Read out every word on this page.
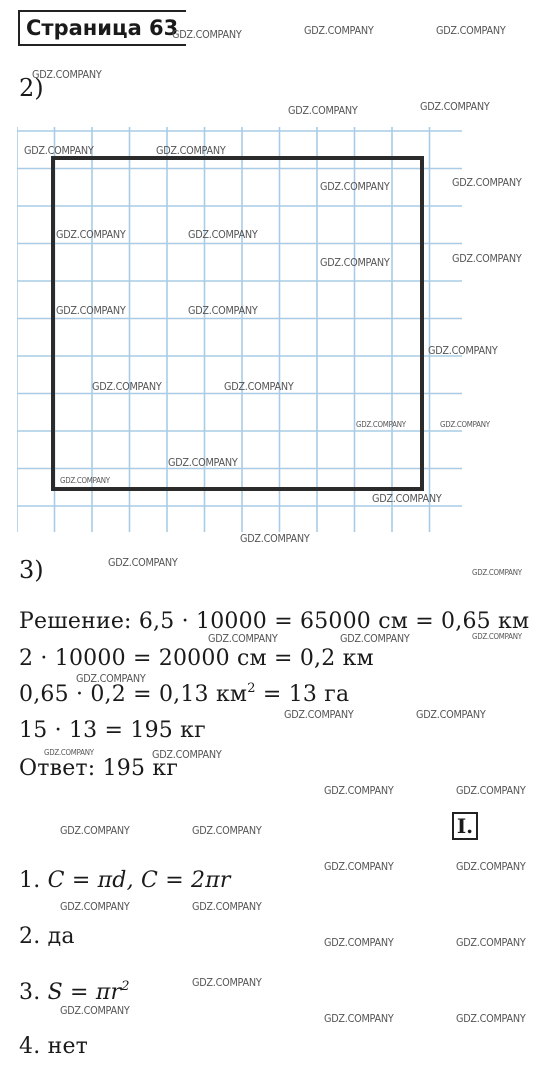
Страница 63
2)
3)
Решение: 6,5 · 10000 = 65000 см = 0,65 км
2 · 10000 = 20000 см = 0,2 км
0,65 · 0,2 = 0,13 $км^2 = 13$ га
15 · 13 = 195 кг
Ответ: 195 кг
I.
1. C = πd, C = 2πr
2. да
3. $S = \pi r^2$
4. нет
GDZ.COMPANY	GDZ.COMPANY	GDZ.COMPANY
GDZ.COMPANY
GDZ.COMPANY	GDZ.COMPANY
GDZ.COMPANY	GDZ.COMPANY
GDZ.COMPANY	GDZ.COMPANY
GDZ.COMPANY	GDZ.COMPANY
GDZ.COMPANY	GDZ.COMPANY
GDZ.COMPANY	GDZ.COMPANY
GDZ.COMPANY
GDZ.COMPANY	GDZ.COMPANY
GDZ.COMPANY	GDZ.COMPANY
GDZ.COMPANY
GDZ.COMPANY
GDZ.COMPANY
GDZ.COMPANY
GDZ.COMPANY
GDZ.COMPANY
GDZ.COMPANY	GDZ.COMPANY	GDZ.COMPANY
GDZ.COMPANY
GDZ.COMPANY	GDZ.COMPANY
GDZ.COMPANY	GDZ.COMPANY
GDZ.COMPANY	GDZ.COMPANY
GDZ.COMPANY	GDZ.COMPANY
GDZ.COMPANY	GDZ.COMPANY
GDZ.COMPANY	GDZ.COMPANY
GDZ.COMPANY	GDZ.COMPANY
GDZ.COMPANY
GDZ.COMPANY
GDZ.COMPANY	GDZ.COMPANY
